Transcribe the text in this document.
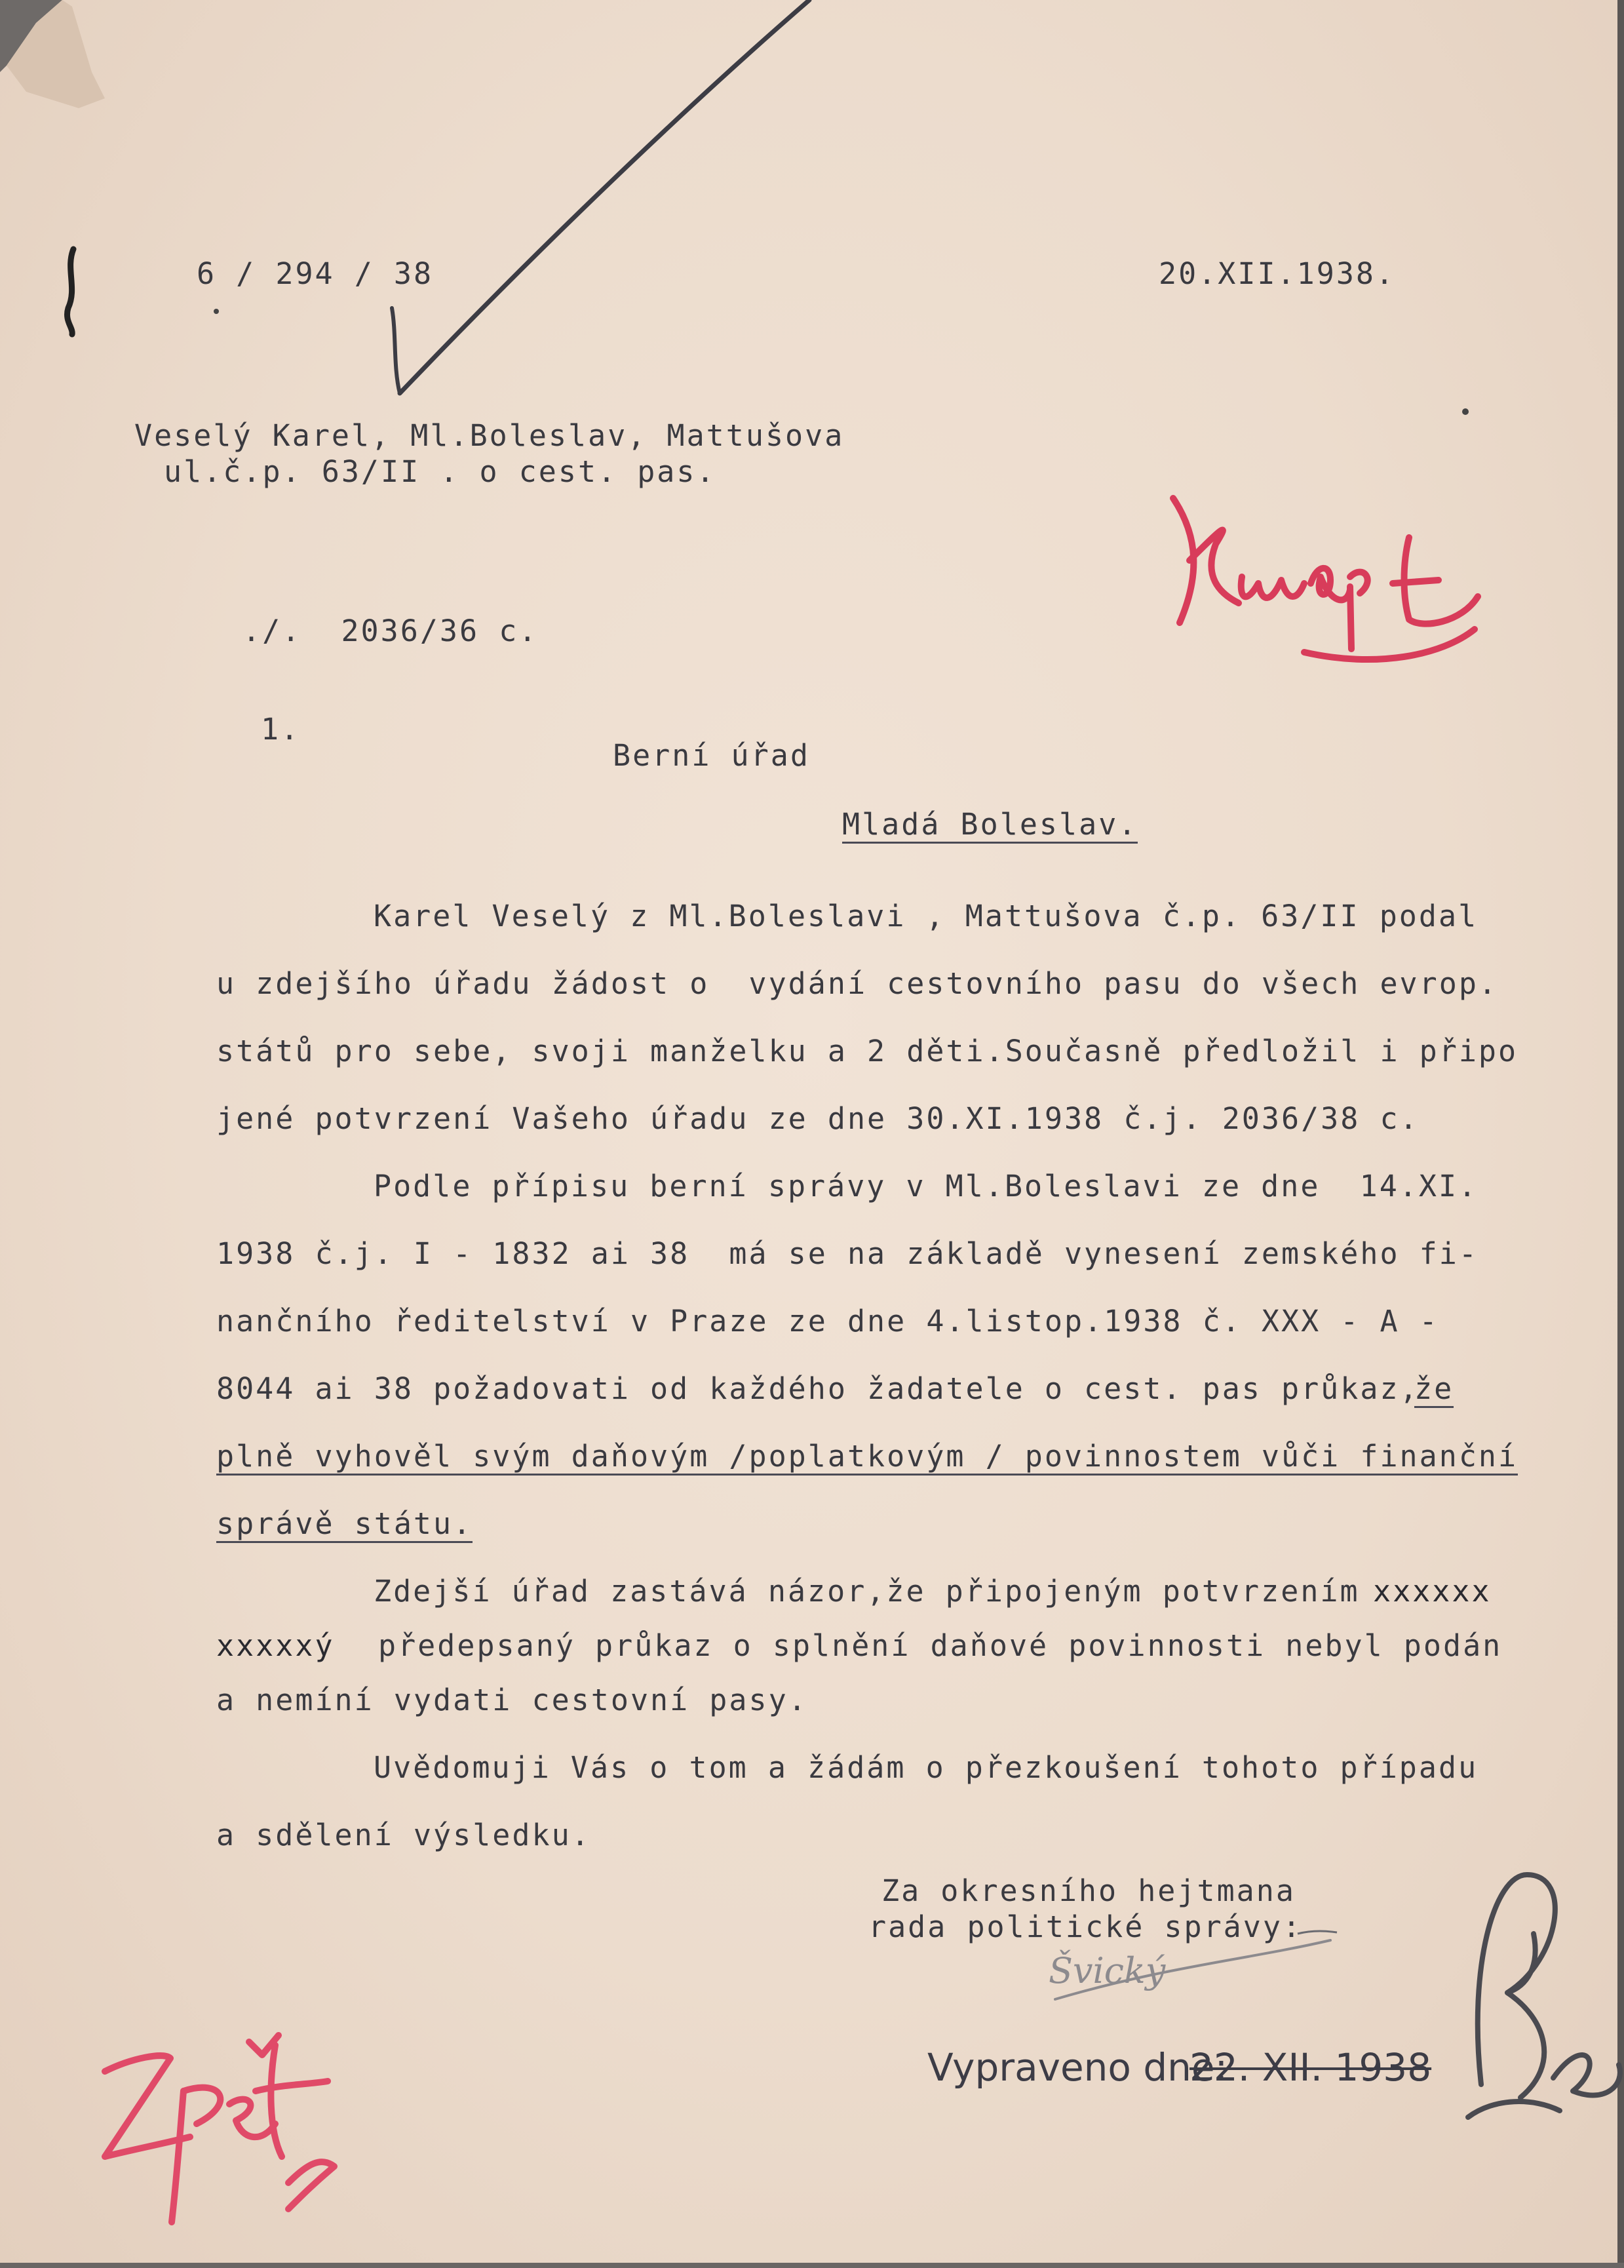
6 / 294 / 38	20.XII.1938.
Veselý Karel, Ml.Boleslav, Mattušova
ul.č.p. 63/II . o cest. pas.
./.  2036/36 c.
1.
Berní úřad
Mladá Boleslav.
Karel Veselý z Ml.Boleslavi , Mattušova č.p. 63/II podal
u zdejšího úřadu žádost o  vydání cestovního pasu do všech evrop.
států pro sebe, svoji manželku a 2 děti.Současně předložil i připo
jené potvrzení Vašeho úřadu ze dne 30.XI.1938 č.j. 2036/38 c.
Podle přípisu berní správy v Ml.Boleslavi ze dne  14.XI.
1938 č.j. I - 1832 ai 38  má se na základě vynesení zemského fi-
nančního ředitelství v Praze ze dne 4.listop.1938 č. XXX - A -
8044 ai 38 požadovati od každého žadatele o cest. pas průkaz,
že
plně vyhověl svým daňovým /poplatkovým / povinnostem vůči finanční
správě státu.
Zdejší úřad zastává názor,že připojeným potvrzením xxxxxx
xxxxxý předepsaný průkaz o splnění daňové povinnosti nebyl podán
a nemíní vydati cestovní pasy.
Uvědomuji Vás o tom a žádám o přezkoušení tohoto případu
a sdělení výsledku.
Za okresního hejtmana
rada politické správy:
Švický
Vypraveno dne:
22. XII. 1938
